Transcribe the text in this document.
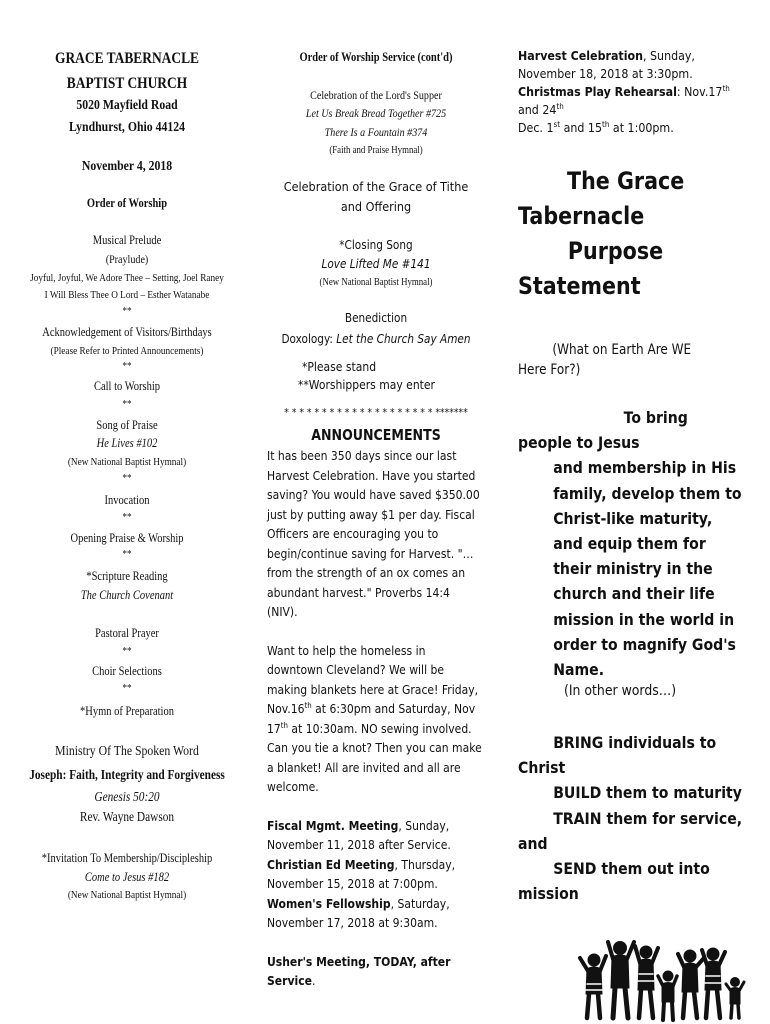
GRACE TABERNACLE
BAPTIST CHURCH
5020 Mayfield Road
Lyndhurst, Ohio 44124
November 4, 2018
Order of Worship
Musical Prelude
(Praylude)
Joyful, Joyful, We Adore Thee – Setting, Joel Raney
I Will Bless Thee O Lord – Esther Watanabe
**
Acknowledgement of Visitors/Birthdays
(Please Refer to Printed Announcements)
**
Call to Worship
**
Song of Praise
He Lives #102
(New National Baptist Hymnal)
**
Invocation
**
Opening Praise & Worship
**
*Scripture Reading
The Church Covenant
Pastoral Prayer
**
Choir Selections
**
*Hymn of Preparation
Ministry Of The Spoken Word
Joseph: Faith, Integrity and Forgiveness
Genesis 50:20
Rev. Wayne Dawson
*Invitation To Membership/Discipleship
Come to Jesus #182
(New National Baptist Hymnal)
Order of Worship Service (cont'd)
Celebration of the Lord's Supper
Let Us Break Bread Together #725
There Is a Fountain #374
(Faith and Praise Hymnal)
Celebration of the Grace of Tithe and Offering
*Closing Song
Love Lifted Me #141
(New National Baptist Hymnal)
Benediction
Doxology: Let the Church Say Amen
*Please stand
**Worshippers may enter
* * * * * * * * * * * * * * * * * * * * *******
ANNOUNCEMENTS

It has been 350 days since our last Harvest Celebration. Have you started saving? You would have saved $350.00 just by putting away $1 per day. Fiscal Officers are encouraging you to begin/continue saving for Harvest. "…from the strength of an ox comes an abundant harvest." Proverbs 14:4 (NIV).

Want to help the homeless in downtown Cleveland? We will be making blankets here at Grace! Friday, Nov.16th at 6:30pm and Saturday, Nov 17th at 10:30am. NO sewing involved. Can you tie a knot? Then you can make a blanket! All are invited and all are welcome.

Fiscal Mgmt. Meeting, Sunday, November 11, 2018 after Service.

Christian Ed Meeting, Thursday, November 15, 2018 at 7:00pm.

Women's Fellowship, Saturday, November 17, 2018 at 9:30am.

Usher's Meeting, TODAY, after Service.

Harvest Celebration, Sunday, November 18, 2018 at 3:30pm.

Christmas Play Rehearsal: Nov.17th and 24th

Dec. 1st and 15th at 1:00pm.

The Grace
Tabernacle
Purpose
Statement
(What on Earth Are WE Here For?)
To bring
people to Jesus
and membership in His family, develop them to Christ-like maturity, and equip them for their ministry in the church and their life mission in the world in order to magnify God's Name.
(In other words…)
BRING individuals to
Christ
BUILD them to maturity
TRAIN them for service,
and
SEND them out into
mission
